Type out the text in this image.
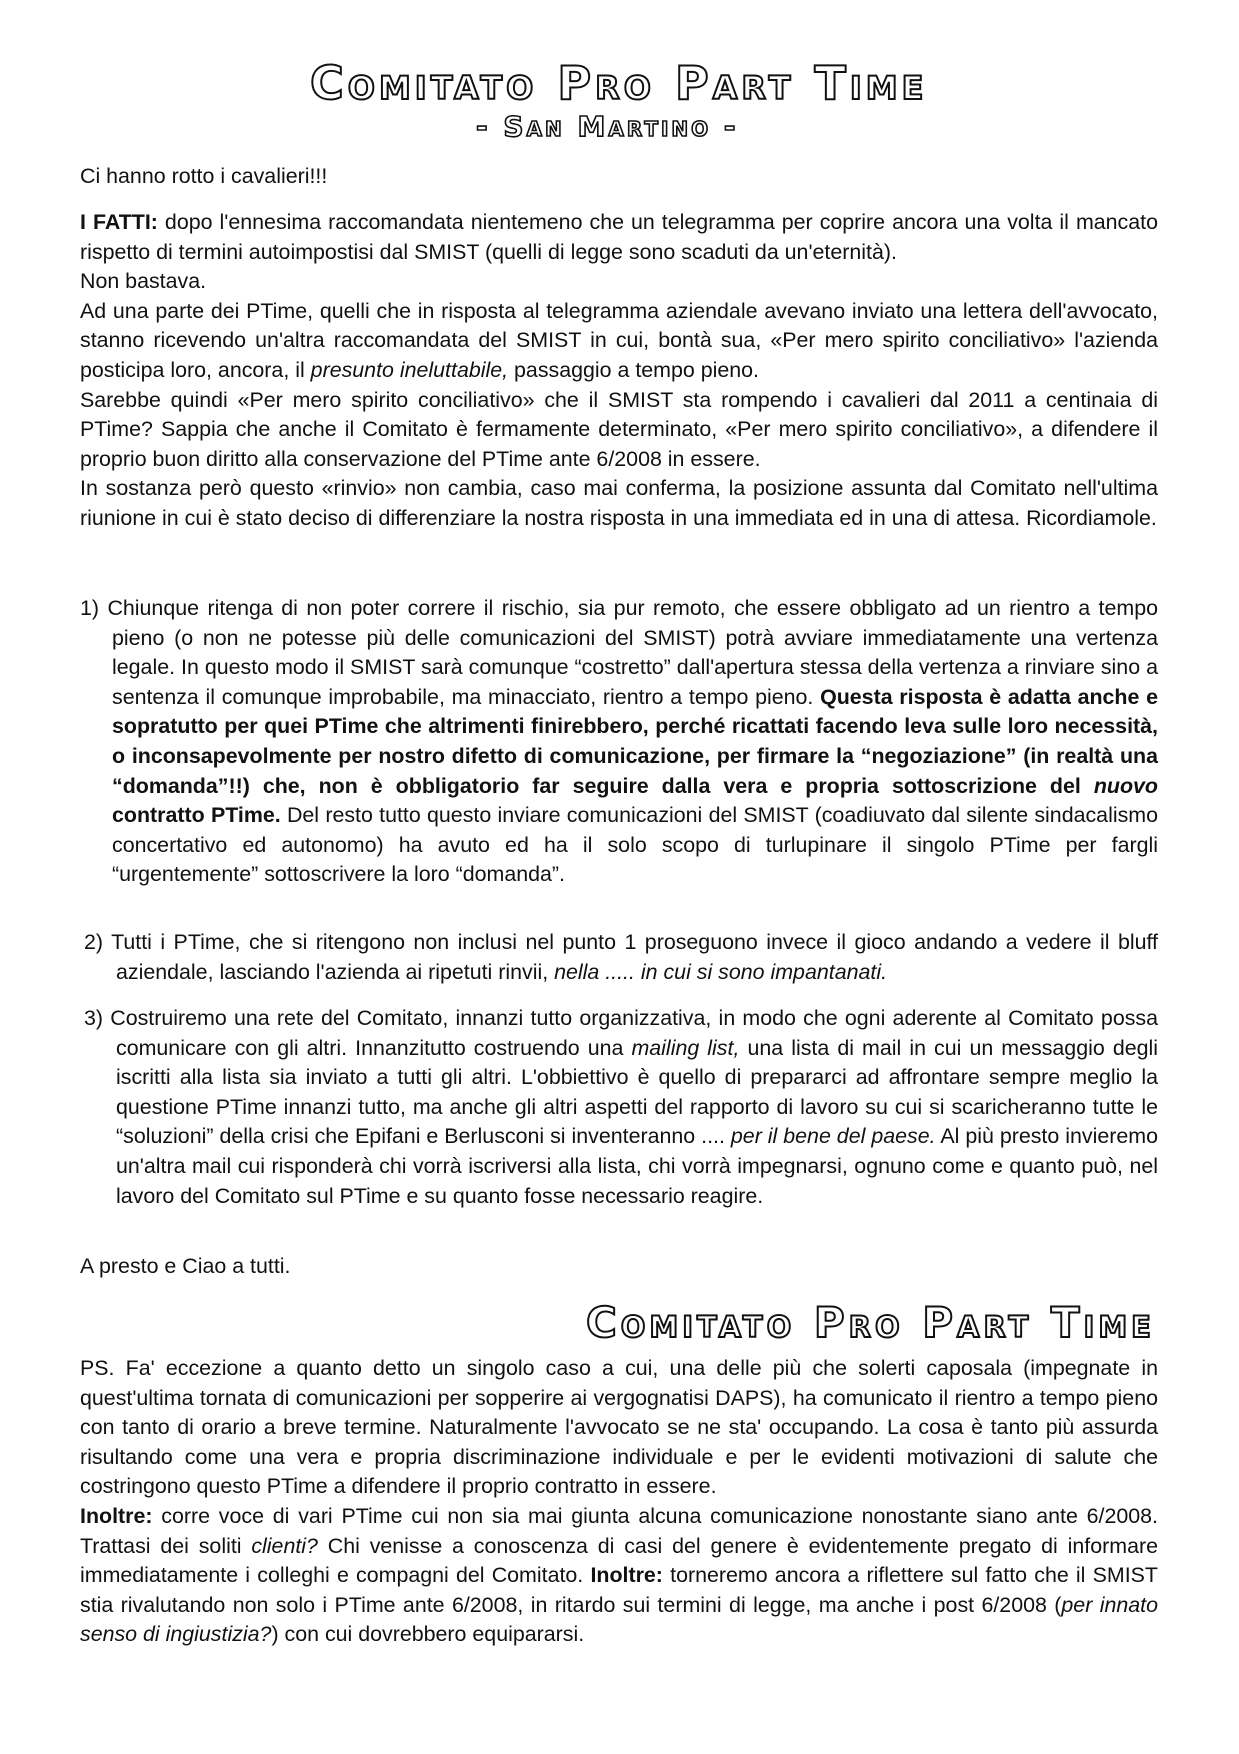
Comitato Pro Part Time
- San Martino -
Ci hanno rotto i cavalieri!!!

I FATTI: dopo l'ennesima raccomandata nientemeno che un telegramma per coprire ancora una volta il mancato rispetto di termini autoimpostisi dal SMIST (quelli di legge sono scaduti da un'eternità).

Non bastava.

Ad una parte dei PTime, quelli che in risposta al telegramma aziendale avevano inviato una lettera dell'avvocato, stanno ricevendo un'altra raccomandata del SMIST in cui, bontà sua, «Per mero spirito conciliativo» l'azienda posticipa loro, ancora, il presunto ineluttabile, passaggio a tempo pieno.

Sarebbe quindi «Per mero spirito conciliativo» che il SMIST sta rompendo i cavalieri dal 2011 a centinaia di PTime? Sappia che anche il Comitato è fermamente determinato, «Per mero spirito conciliativo», a difendere il proprio buon diritto alla conservazione del PTime ante 6/2008 in essere.

In sostanza però questo «rinvio» non cambia, caso mai conferma, la posizione assunta dal Comitato nell'ultima riunione in cui è stato deciso di differenziare la nostra risposta in una immediata ed in una di attesa. Ricordiamole.

1) Chiunque ritenga di non poter correre il rischio, sia pur remoto, che essere obbligato ad un rientro a tempo pieno (o non ne potesse più delle comunicazioni del SMIST) potrà avviare immediatamente una vertenza legale. In questo modo il SMIST sarà comunque “costretto” dall'apertura stessa della vertenza a rinviare sino a sentenza il comunque improbabile, ma minacciato, rientro a tempo pieno. Questa risposta è adatta anche e sopratutto per quei PTime che altrimenti finirebbero, perché ricattati facendo leva sulle loro necessità, o inconsapevolmente per nostro difetto di comunicazione, per firmare la “negoziazione” (in realtà una “domanda”!!) che, non è obbligatorio far seguire dalla vera e propria sottoscrizione del nuovo contratto PTime. Del resto tutto questo inviare comunicazioni del SMIST (coadiuvato dal silente sindacalismo concertativo ed autonomo) ha avuto ed ha il solo scopo di turlupinare il singolo PTime per fargli “urgentemente” sottoscrivere la loro “domanda”.

2) Tutti i PTime, che si ritengono non inclusi nel punto 1 proseguono invece il gioco andando a vedere il bluff aziendale, lasciando l'azienda ai ripetuti rinvii, nella ..... in cui si sono impantanati.

3) Costruiremo una rete del Comitato, innanzi tutto organizzativa, in modo che ogni aderente al Comitato possa comunicare con gli altri. Innanzitutto costruendo una mailing list, una lista di mail in cui un messaggio degli iscritti alla lista sia inviato a tutti gli altri. L'obbiettivo è quello di prepararci ad affrontare sempre meglio la questione PTime innanzi tutto, ma anche gli altri aspetti del rapporto di lavoro su cui si scaricheranno tutte le “soluzioni” della crisi che Epifani e Berlusconi si inventeranno .... per il bene del paese. Al più presto invieremo un'altra mail cui risponderà chi vorrà iscriversi alla lista, chi vorrà impegnarsi, ognuno come e quanto può, nel lavoro del Comitato sul PTime e su quanto fosse necessario reagire.

A presto e Ciao a tutti.
Comitato Pro Part Time

PS. Fa' eccezione a quanto detto un singolo caso a cui, una delle più che solerti caposala (impegnate in quest'ultima tornata di comunicazioni per sopperire ai vergognatisi DAPS), ha comunicato il rientro a tempo pieno con tanto di orario a breve termine. Naturalmente l'avvocato se ne sta' occupando. La cosa è tanto più assurda risultando come una vera e propria discriminazione individuale e per le evidenti motivazioni di salute che costringono questo PTime a difendere il proprio contratto in essere.

Inoltre: corre voce di vari PTime cui non sia mai giunta alcuna comunicazione nonostante siano ante 6/2008. Trattasi dei soliti clienti? Chi venisse a conoscenza di casi del genere è evidentemente pregato di informare immediatamente i colleghi e compagni del Comitato. Inoltre: torneremo ancora a riflettere sul fatto che il SMIST stia rivalutando non solo i PTime ante 6/2008, in ritardo sui termini di legge, ma anche i post 6/2008 (per innato senso di ingiustizia?) con cui dovrebbero equipararsi.
